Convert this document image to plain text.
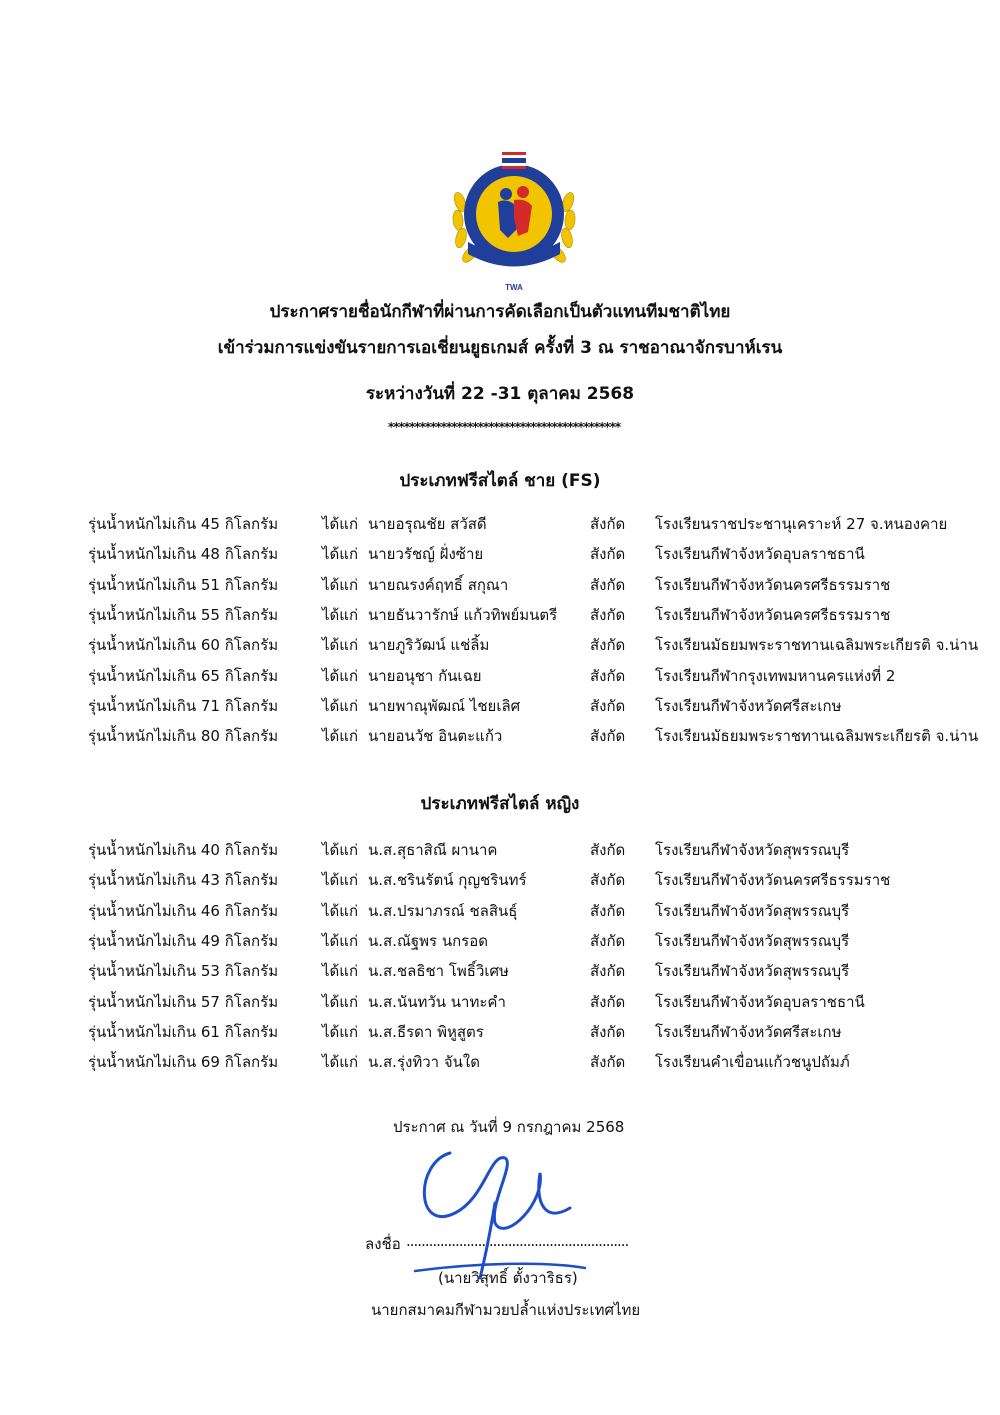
TWA
ประกาศรายชื่อนักกีฬาที่ผ่านการคัดเลือกเป็นตัวแทนทีมชาติไทย
เข้าร่วมการแข่งขันรายการเอเชี่ยนยูธเกมส์ ครั้งที่ 3 ณ ราชอาณาจักรบาห์เรน
ระหว่างวันที่ 22 -31 ตุลาคม 2568
********************************************
ประเภทฟรีสไตล์ ชาย (FS)
รุ่นน้ำหนักไม่เกิน 45 กิโลกรัม	ได้แก่ นายอรุณชัย สวัสดี	สังกัด โรงเรียนราชประชานุเคราะห์ 27 จ.หนองคาย
รุ่นน้ำหนักไม่เกิน 48 กิโลกรัม	ได้แก่ นายวรัชญ์ ฝั่งซ้าย	สังกัด โรงเรียนกีฬาจังหวัดอุบลราชธานี
รุ่นน้ำหนักไม่เกิน 51 กิโลกรัม	ได้แก่ นายณรงค์ฤทธิ์ สกุณา	สังกัด โรงเรียนกีฬาจังหวัดนครศรีธรรมราช
รุ่นน้ำหนักไม่เกิน 55 กิโลกรัม	ได้แก่ นายธันวารักษ์ แก้วทิพย์มนตรี สังกัด โรงเรียนกีฬาจังหวัดนครศรีธรรมราช
รุ่นน้ำหนักไม่เกิน 60 กิโลกรัม	ได้แก่ นายภูริวัฒน์ แช่ลิ้ม	สังกัด โรงเรียนมัธยมพระราชทานเฉลิมพระเกียรติ จ.น่าน
รุ่นน้ำหนักไม่เกิน 65 กิโลกรัม	ได้แก่ นายอนุชา กันเฉย	สังกัด โรงเรียนกีฬากรุงเทพมหานครแห่งที่ 2
รุ่นน้ำหนักไม่เกิน 71 กิโลกรัม	ได้แก่ นายพาณุพัฒณ์ ไชยเลิศ	สังกัด โรงเรียนกีฬาจังหวัดศรีสะเกษ
รุ่นน้ำหนักไม่เกิน 80 กิโลกรัม	ได้แก่ นายอนวัช อินตะแก้ว	สังกัด โรงเรียนมัธยมพระราชทานเฉลิมพระเกียรติ จ.น่าน
ประเภทฟรีสไตล์ หญิง
รุ่นน้ำหนักไม่เกิน 40 กิโลกรัม	ได้แก่ น.ส.สุธาสิณี ผานาค	สังกัด โรงเรียนกีฬาจังหวัดสุพรรณบุรี
รุ่นน้ำหนักไม่เกิน 43 กิโลกรัม	ได้แก่ น.ส.ชรินรัตน์ กุญชรินทร์	สังกัด โรงเรียนกีฬาจังหวัดนครศรีธรรมราช
รุ่นน้ำหนักไม่เกิน 46 กิโลกรัม	ได้แก่ น.ส.ปรมาภรณ์ ชลสินธุ์	สังกัด โรงเรียนกีฬาจังหวัดสุพรรณบุรี
รุ่นน้ำหนักไม่เกิน 49 กิโลกรัม	ได้แก่ น.ส.ณัฐพร นกรอด	สังกัด โรงเรียนกีฬาจังหวัดสุพรรณบุรี
รุ่นน้ำหนักไม่เกิน 53 กิโลกรัม	ได้แก่ น.ส.ชลธิชา โพธิ์วิเศษ	สังกัด โรงเรียนกีฬาจังหวัดสุพรรณบุรี
รุ่นน้ำหนักไม่เกิน 57 กิโลกรัม	ได้แก่ น.ส.นันทวัน นาทะคำ	สังกัด โรงเรียนกีฬาจังหวัดอุบลราชธานี
รุ่นน้ำหนักไม่เกิน 61 กิโลกรัม	ได้แก่ น.ส.ธีรดา พิหูสูตร	สังกัด โรงเรียนกีฬาจังหวัดศรีสะเกษ
รุ่นน้ำหนักไม่เกิน 69 กิโลกรัม	ได้แก่ น.ส.รุ่งทิวา จันใด	สังกัด โรงเรียนคำเขื่อนแก้วชนูปถัมภ์
ประกาศ ณ วันที่ 9 กรกฎาคม 2568
ลงชื่อ ...........................................................
(นายวิสุทธิ์ ตั้งวาริธร)
นายกสมาคมกีฬามวยปล้ำแห่งประเทศไทย
